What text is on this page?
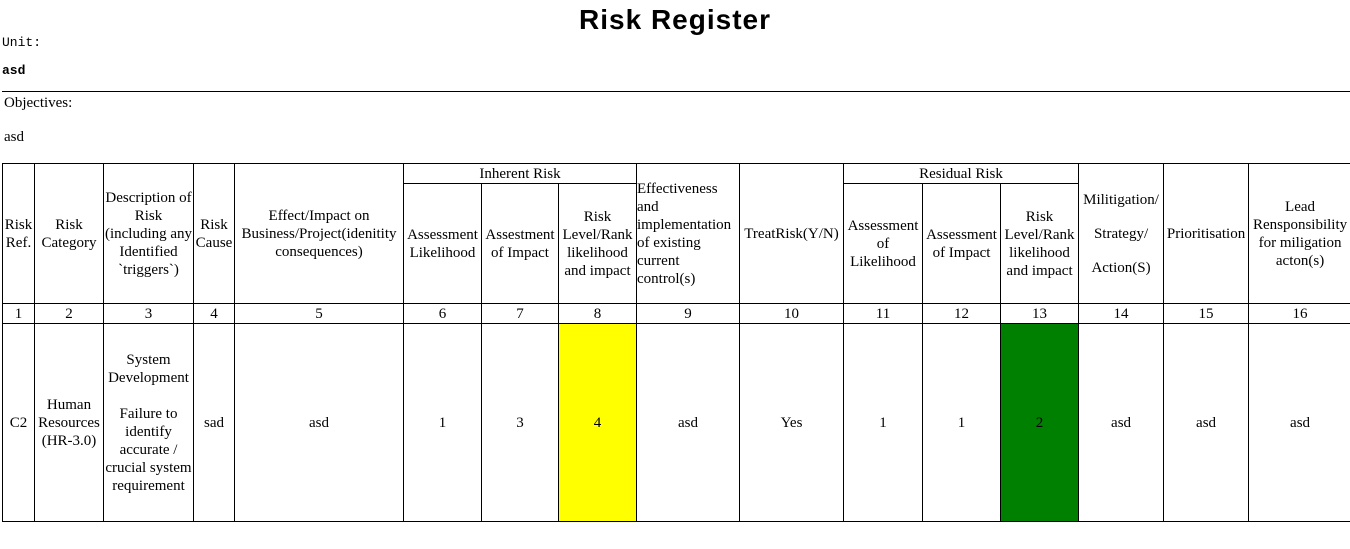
Risk Register
Unit:
asd
Objectives:
asd
Risk Ref.	Risk Category	Description of Risk (including any Identified `triggers`)	Risk Cause	Effect/Impact on Business/Project(idenitity consequences)	Inherent Risk			Effectiveness and implementation of existing current control(s)	TreatRisk(Y/N)	Residual Risk			Militigation/
Strategy/
Action(S)	Prioritisation	Lead Rensponsibility for miligation acton(s)
					Assessment Likelihood	Assestment of Impact	Risk Level/Rank likelihood and impact			Assessment of Likelihood	Assessment of Impact	Risk Level/Rank likelihood and impact			
1	2	3	4	5	6	7	8	9	10	11	12	13	14	15	16
C2	Human Resources (HR-3.0)	System Development
Failure to identify accurate / crucial system requirement	sad	asd	1	3	4	asd	Yes	1	1	2	asd	asd	asd
